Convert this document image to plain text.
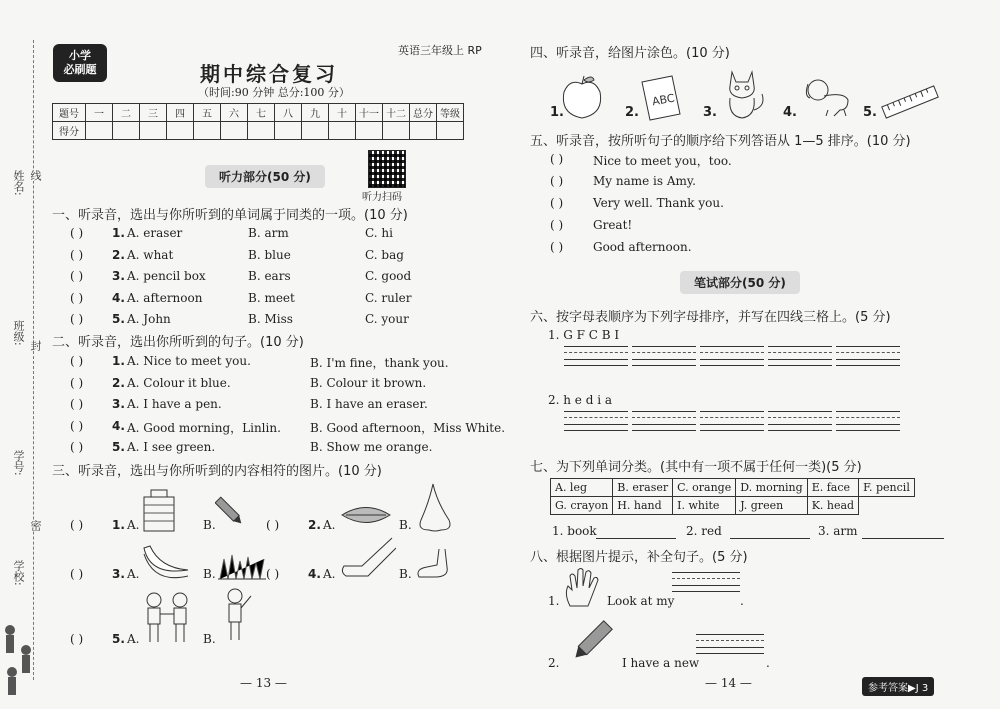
姓名:
班级:
学号:
学校:
线
封
密
小学
必刷题	期中综合复习
英语三年级上 RP
（时间:90 分钟 总分:100 分）
题号	一	二	三	四	五	六	七	八	九	十	十一	十二	总分	等级
得分														
听力部分(50 分)
听力扫码
一、听录音，选出与你所听到的单词属于同类的一项。(10 分)
( ) 1. A. eraser	B. arm	C. hi
( ) 2. A. what	B. blue	C. bag
( ) 3. A. pencil box	B. ears	C. good
( ) 4. A. afternoon	B. meet	C. ruler
( ) 5. A. John	B. Miss	C. your
二、听录音，选出你所听到的句子。(10 分)
( ) 1. A. Nice to meet you.	B. I'm fine，thank you.
( ) 2. A. Colour it blue.	B. Colour it brown.
( ) 3. A. I have a pen.	B. I have an eraser.
( ) 4. A. Good morning，Linlin. B. Good afternoon，Miss White.
( ) 5. A. I see green.	B. Show me orange.
三、听录音，选出与你所听到的内容相符的图片。(10 分)
( ) 1. A.	B.	( ) 2. A.	B.
( ) 3. A.	B.	( ) 4. A.	B.
( ) 5. A.	B.
— 13 —
四、听录音，给图片涂色。(10 分)
1.	2.	3.	4.	5.
ABC
五、听录音，按所听句子的顺序给下列答语从 1—5 排序。(10 分)
( ) Nice to meet you，too.
( ) My name is Amy.
( ) Very well. Thank you.
( ) Great!
( ) Good afternoon.
笔试部分(50 分)
六、按字母表顺序为下列字母排序，并写在四线三格上。(5 分)
1. G F C B I
2. h e d i a
七、为下列单词分类。(其中有一项不属于任何一类)(5 分)
A. leg	B. eraser	C. orange	D. morning	E. face	F. pencil
G. crayon	H. hand	I. white	J. green	K. head	
1. book	2. red	3. arm
八、根据图片提示，补全句子。(5 分)
1.	Look at my	.
2.	I have a new	.
— 14 —	参考答案▶J 3
